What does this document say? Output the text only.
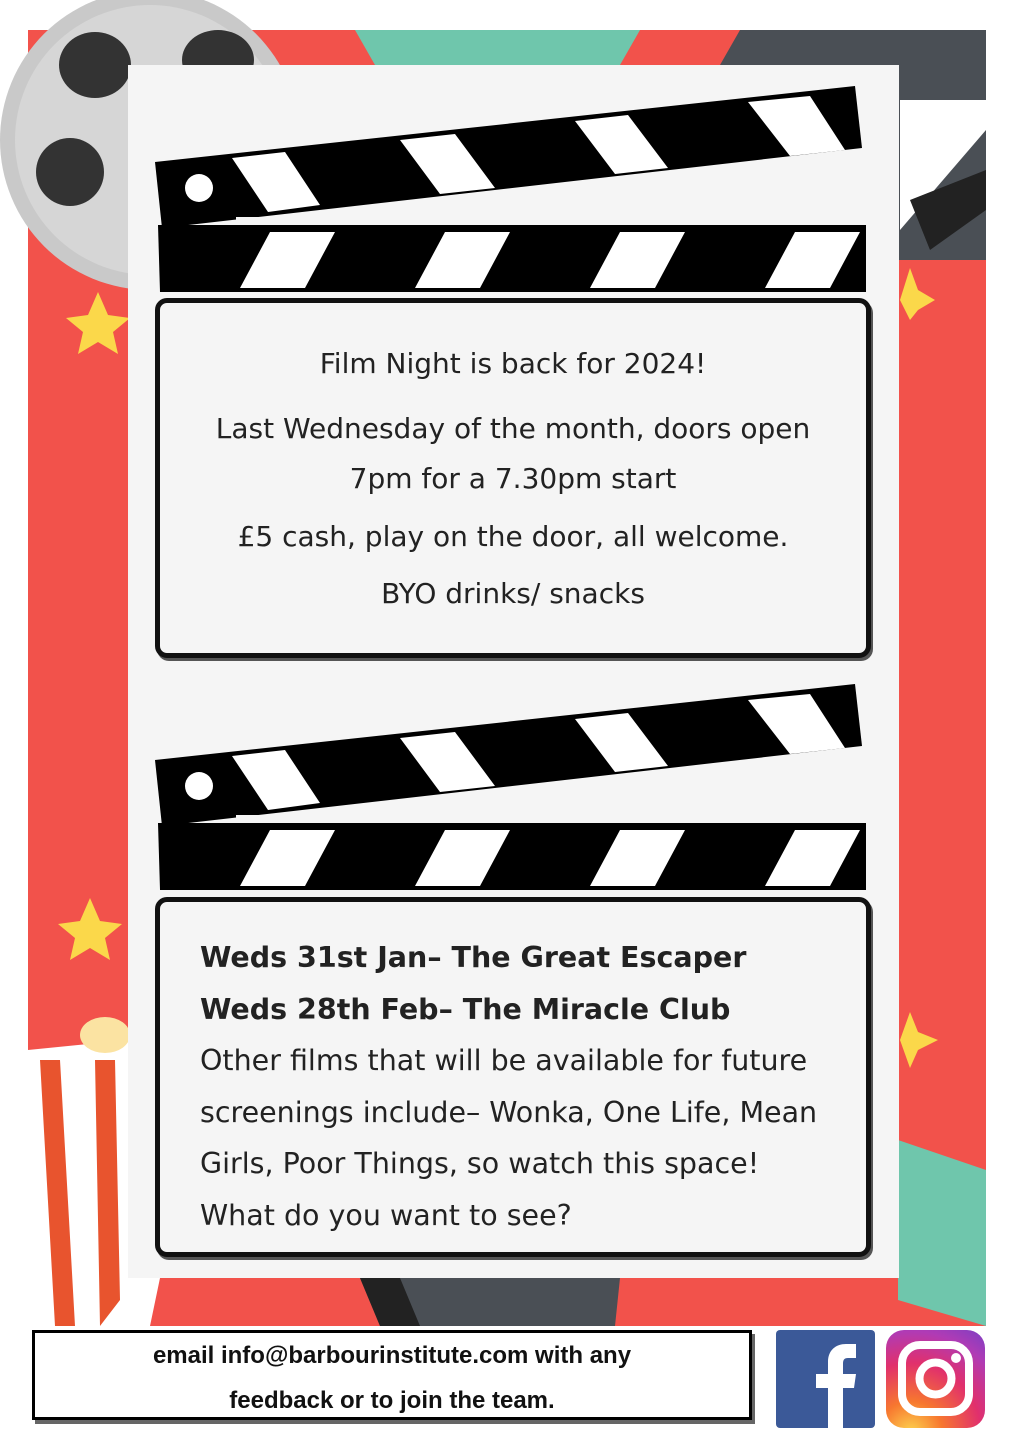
Film Night is back for 2024!

Last Wednesday of the month, doors open

7pm for a 7.30pm start

£5 cash, play on the door, all welcome.

BYO drinks/ snacks

Weds 31st Jan– The Great Escaper
Weds 28th Feb– The Miracle Club
Other films that will be available for future
screenings include– Wonka, One Life, Mean
Girls, Poor Things, so watch this space!
What do you want to see?
email info@barbourinstitute.com with any
feedback or to join the team.
